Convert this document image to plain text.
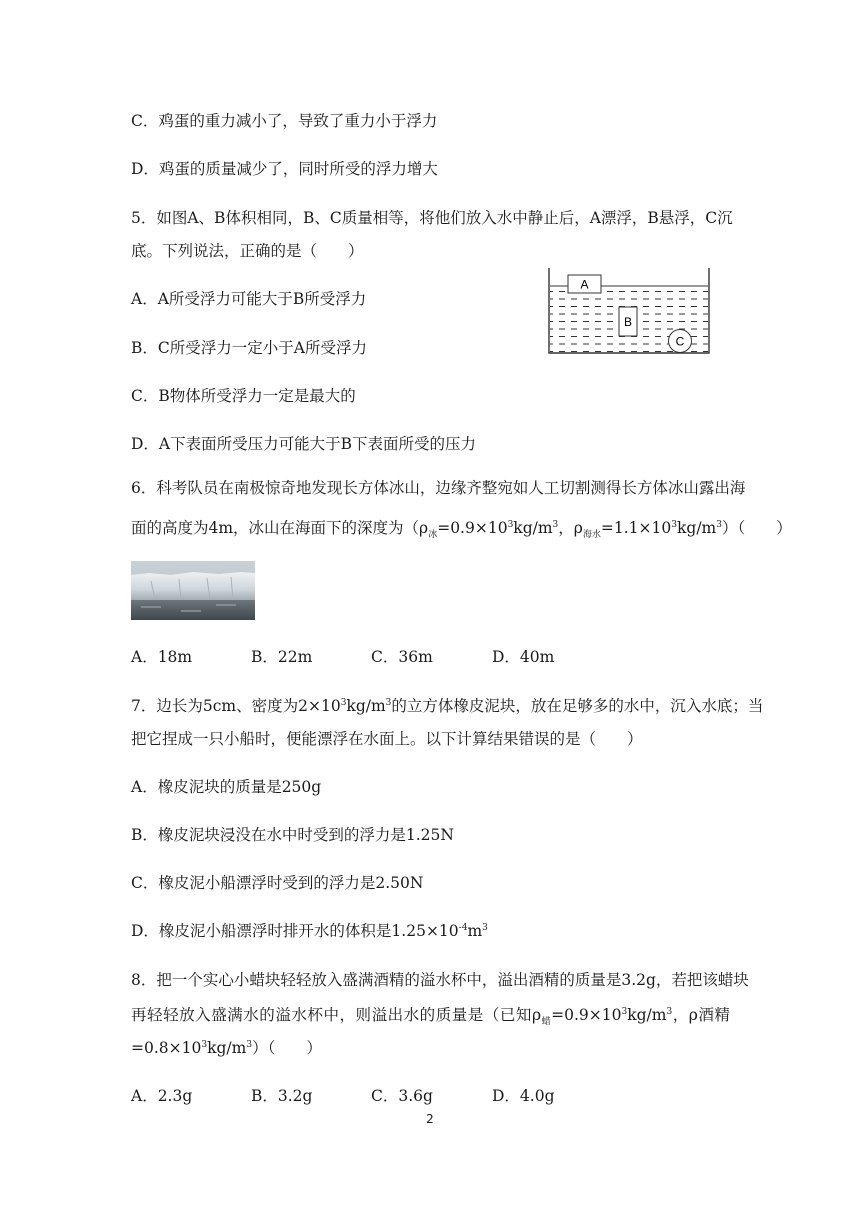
C．鸡蛋的重力减小了，导致了重力小于浮力
D．鸡蛋的质量减少了，同时所受的浮力增大
5．如图A、B体积相同，B、C质量相等，将他们放入水中静止后，A漂浮，B悬浮，C沉
底。下列说法，正确的是（　　）
A．A所受浮力可能大于B所受浮力
B．C所受浮力一定小于A所受浮力
C．B物体所受浮力一定是最大的
D．A下表面所受压力可能大于B下表面所受的压力
A
B
C
6．科考队员在南极惊奇地发现长方体冰山，边缘齐整宛如人工切割测得长方体冰山露出海
面的高度为4m，冰山在海面下的深度为（$\rho_冰=0.9\times 10^3kg/m^3$，$\rho_{海水}=1.1\times 10^3kg/m^3$）（　　）
A．18m	B．22m	C．36m	D．40m
7．边长为5cm、密度为$2\times 10^3kg/m^3$的立方体橡皮泥块，放在足够多的水中，沉入水底；当
把它捏成一只小船时，便能漂浮在水面上。以下计算结果错误的是（　　）
A．橡皮泥块的质量是250g
B．橡皮泥块浸没在水中时受到的浮力是1.25N
C．橡皮泥小船漂浮时受到的浮力是2.50N
D．橡皮泥小船漂浮时排开水的体积是$1.25\times 10^{-4}m^3$
8．把一个实心小蜡块轻轻放入盛满酒精的溢水杯中，溢出酒精的质量是3.2g，若把该蜡块
再轻轻放入盛满水的溢水杯中，则溢出水的质量是（已知$\rho_蜡=0.9\times 10^3kg/m^3$，ρ酒精
$=0.8\times 10^3kg/m^3$）（　　）
A．2.3g	B．3.2g	C．3.6g	D．4.0g
2
